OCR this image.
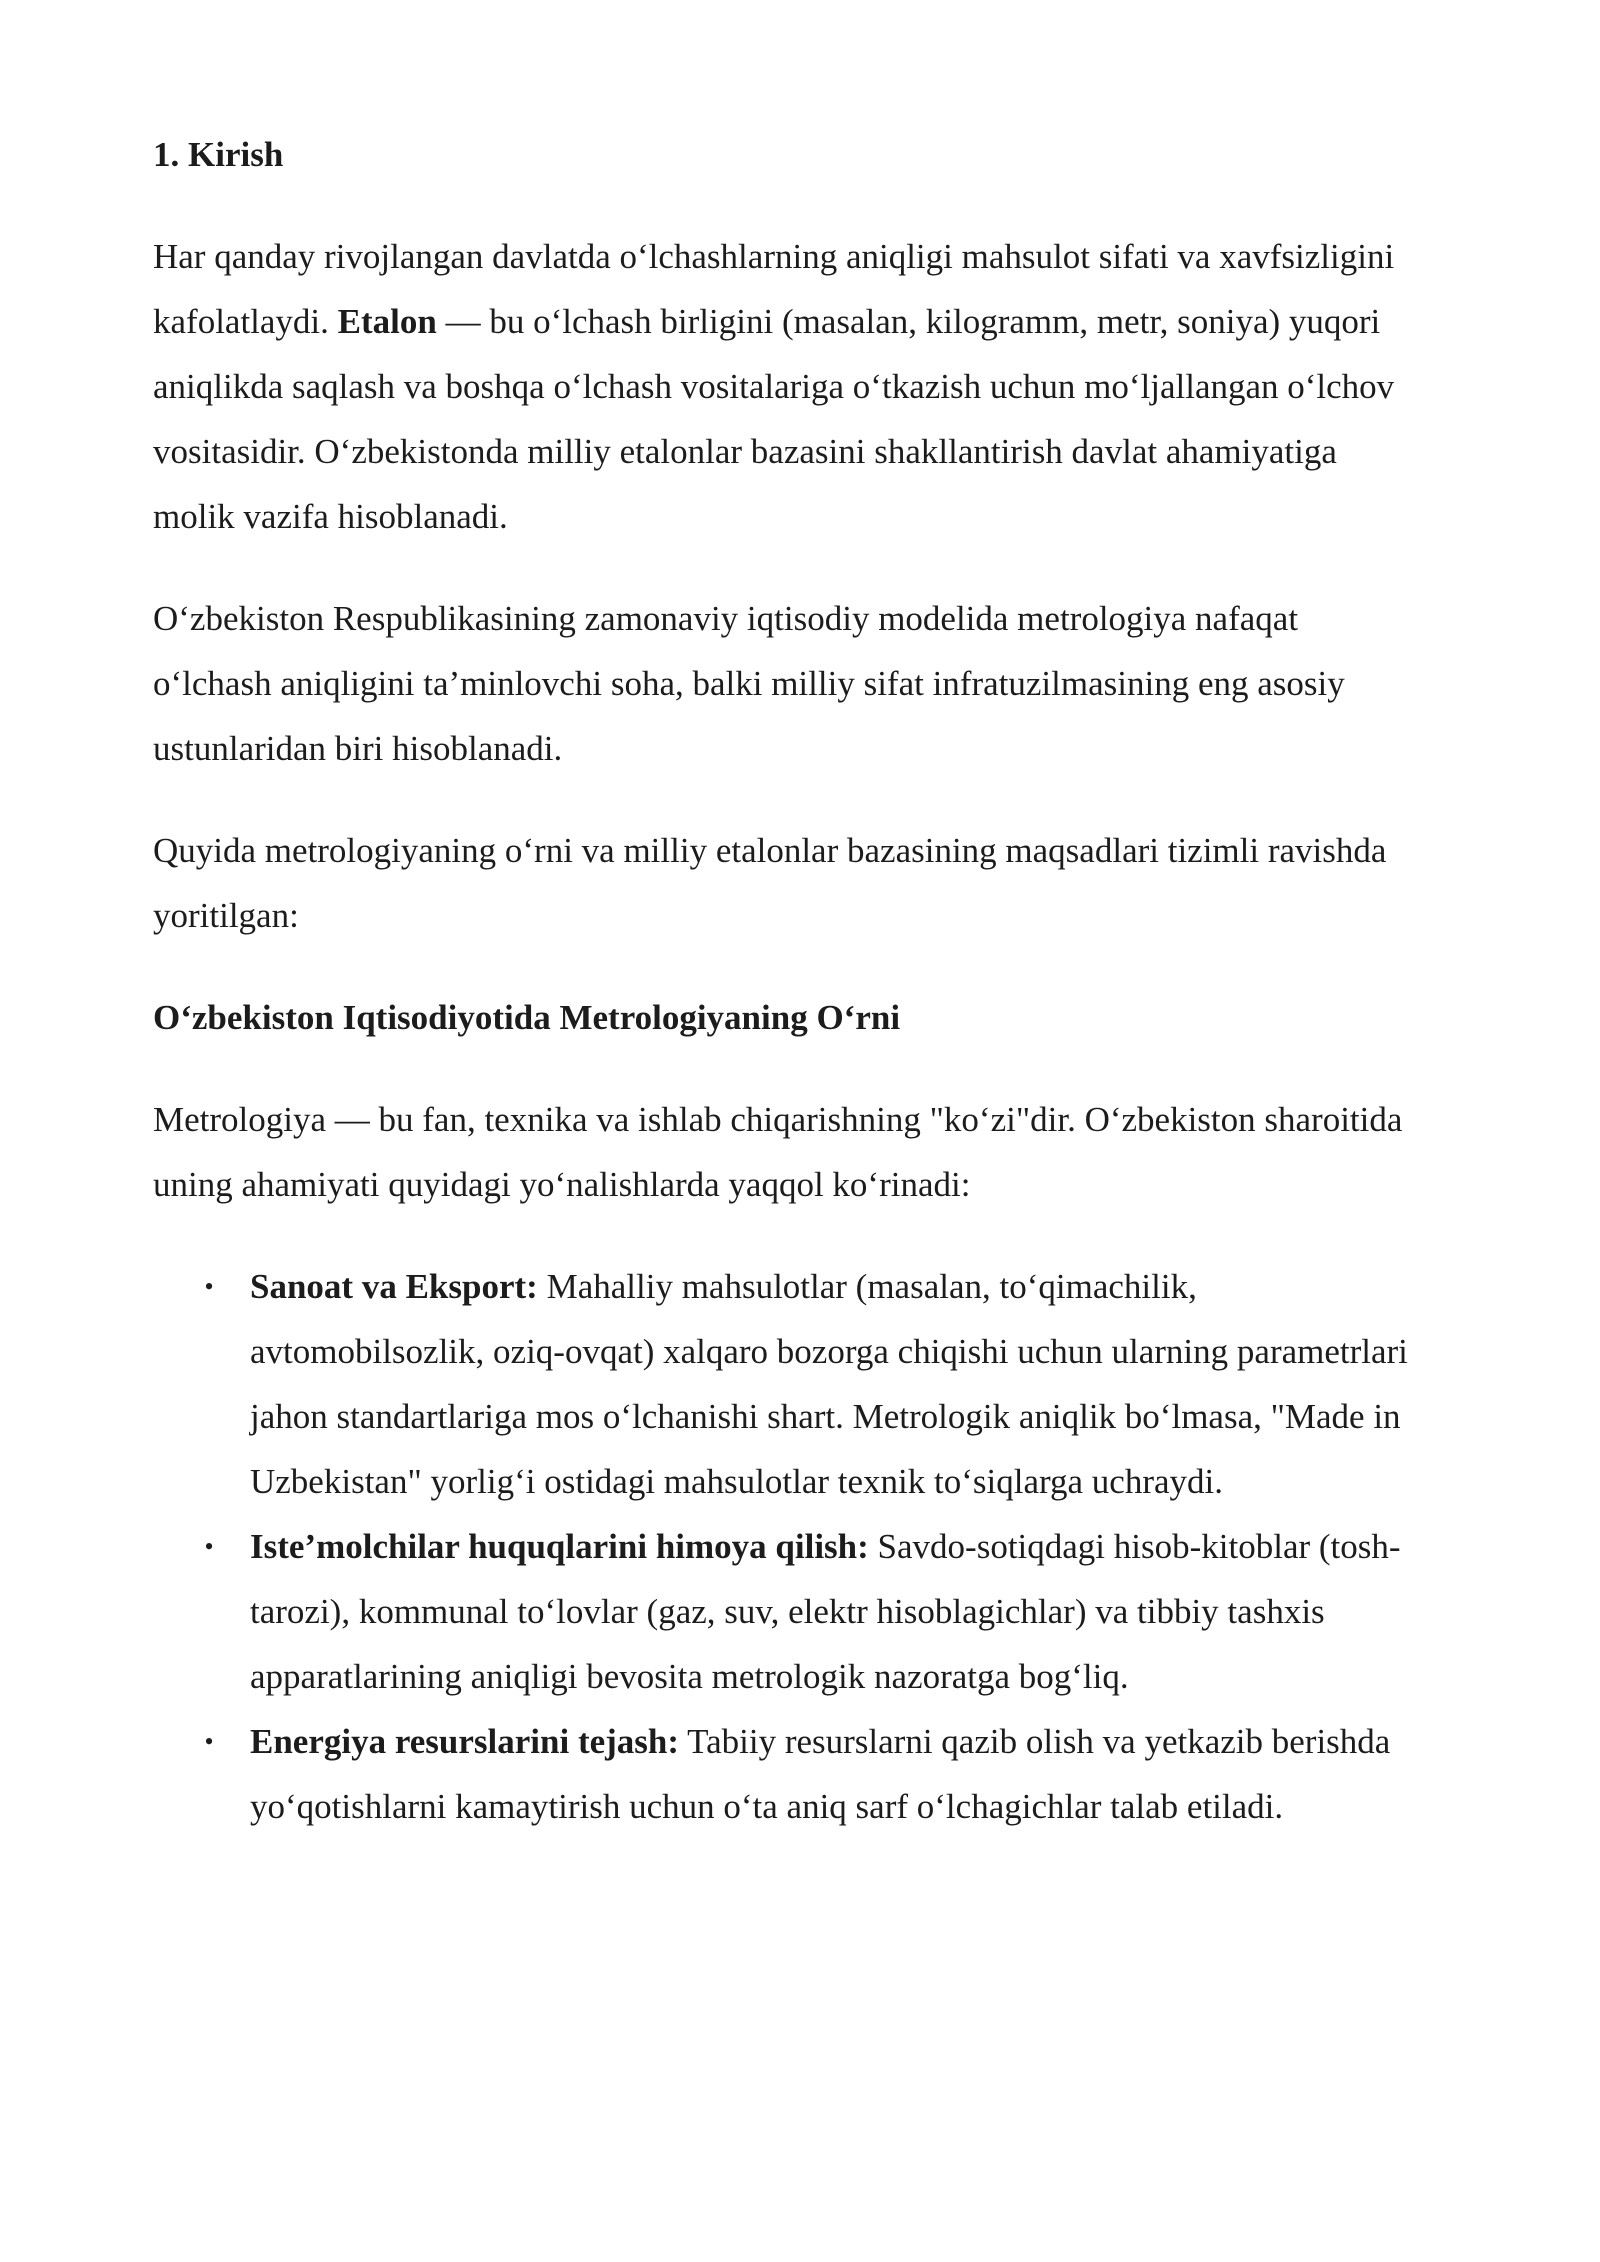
1. Kirish

Har qanday rivojlangan davlatda o‘lchashlarning aniqligi mahsulot sifati va xavfsizligini kafolatlaydi. Etalon — bu o‘lchash birligini (masalan, kilogramm, metr, soniya) yuqori aniqlikda saqlash va boshqa o‘lchash vositalariga o‘tkazish uchun mo‘ljallangan o‘lchov vositasidir. O‘zbekistonda milliy etalonlar bazasini shakllantirish davlat ahamiyatiga molik vazifa hisoblanadi.

O‘zbekiston Respublikasining zamonaviy iqtisodiy modelida metrologiya nafaqat o‘lchash aniqligini ta’minlovchi soha, balki milliy sifat infratuzilmasining eng asosiy ustunlaridan biri hisoblanadi.

Quyida metrologiyaning o‘rni va milliy etalonlar bazasining maqsadlari tizimli ravishda yoritilgan:

O‘zbekiston Iqtisodiyotida Metrologiyaning O‘rni

Metrologiya — bu fan, texnika va ishlab chiqarishning "ko‘zi"dir. O‘zbekiston sharoitida uning ahamiyati quyidagi yo‘nalishlarda yaqqol ko‘rinadi:

• Sanoat va Eksport: Mahalliy mahsulotlar (masalan, to‘qimachilik, avtomobilsozlik, oziq-ovqat) xalqaro bozorga chiqishi uchun ularning parametrlari jahon standartlariga mos o‘lchanishi shart. Metrologik aniqlik bo‘lmasa, "Made in Uzbekistan" yorlig‘i ostidagi mahsulotlar texnik to‘siqlarga uchraydi.
• Iste’molchilar huquqlarini himoya qilish: Savdo-sotiqdagi hisob-kitoblar (tosh-tarozi), kommunal to‘lovlar (gaz, suv, elektr hisoblagichlar) va tibbiy tashxis apparatlarining aniqligi bevosita metrologik nazoratga bog‘liq.
• Energiya resurslarini tejash: Tabiiy resurslarni qazib olish va yetkazib berishda yo‘qotishlarni kamaytirish uchun o‘ta aniq sarf o‘lchagichlar talab etiladi.
